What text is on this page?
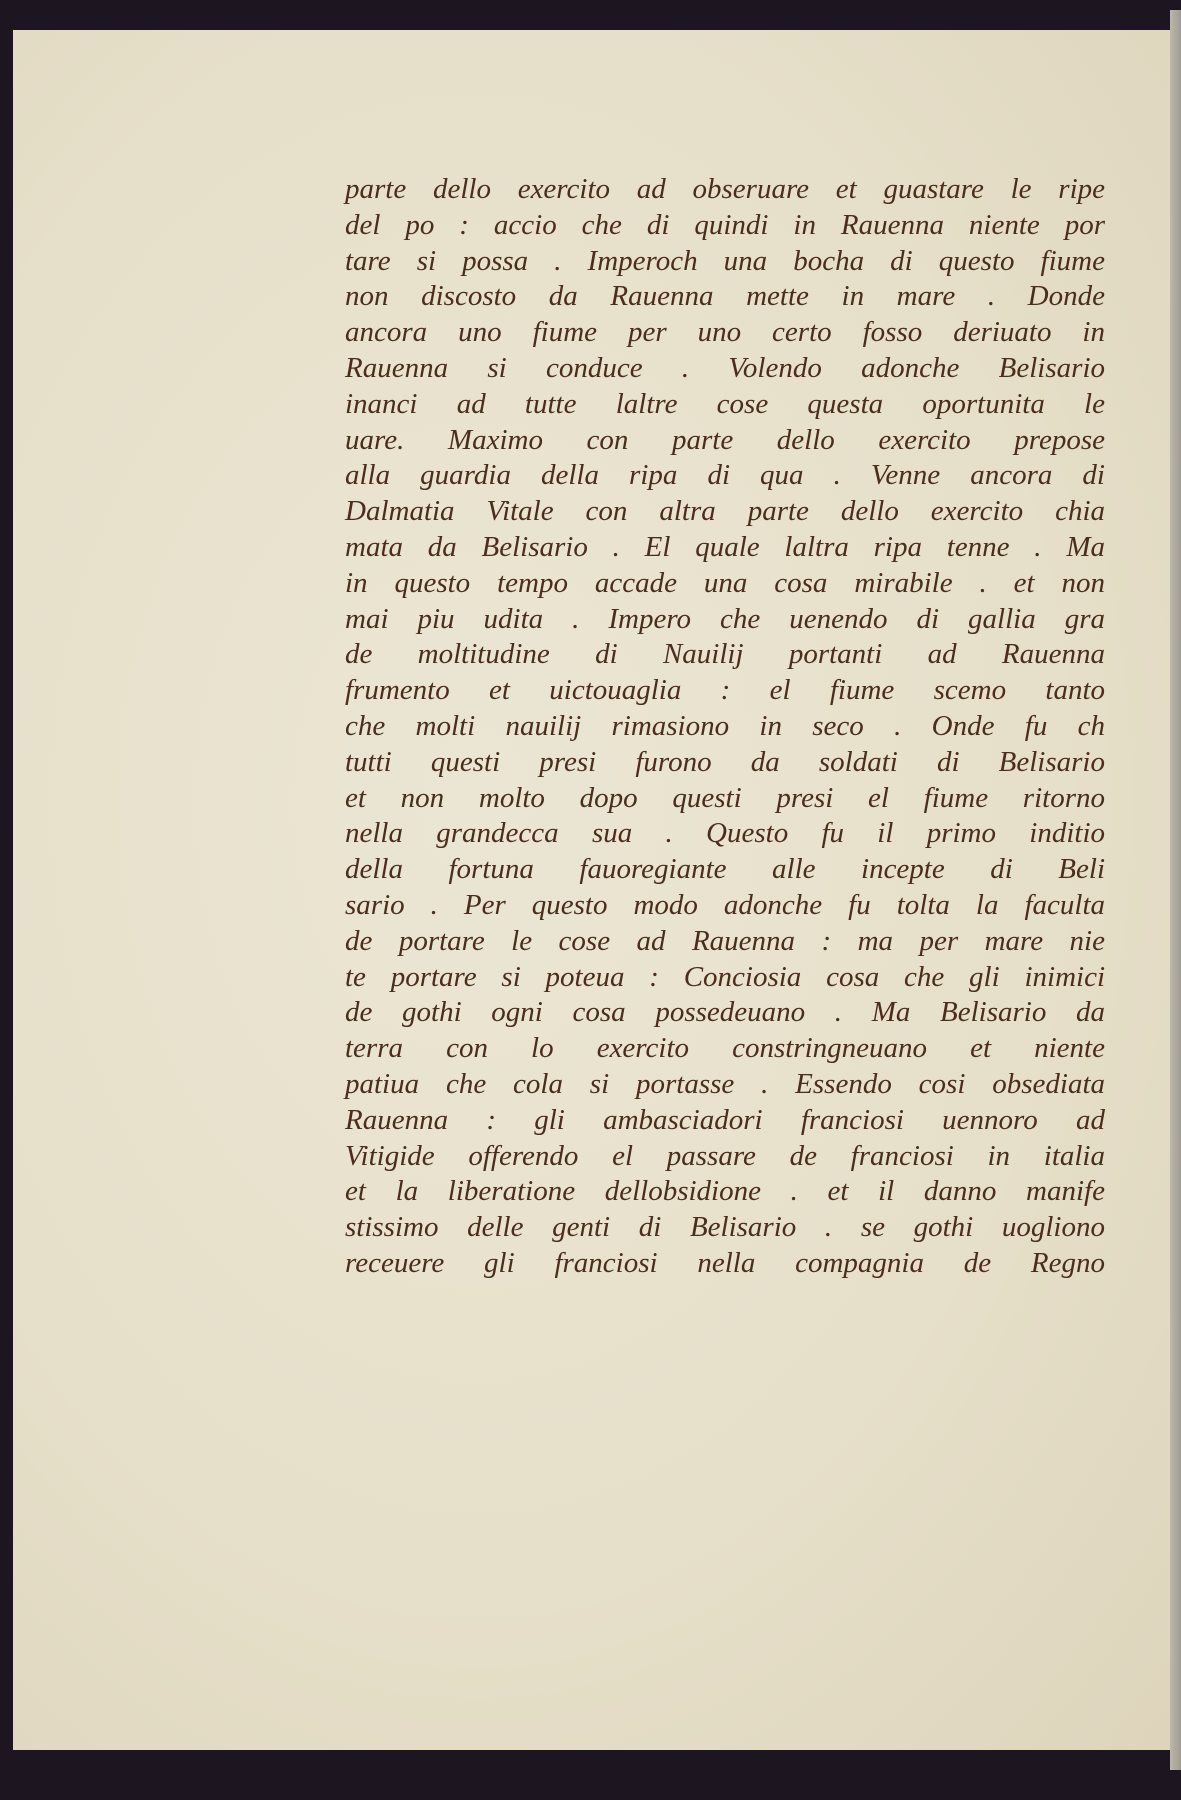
parte dello exercito ad obseruare et guastare le ripe
del po : accio che di quindi in Rauenna niente por
tare si possa . Imperoch una bocha di questo fiume
non discosto da Rauenna mette in mare . Donde
ancora uno fiume per uno certo fosso deriuato in
Rauenna si conduce . Volendo adonche Belisario
inanci ad tutte laltre cose questa oportunita le
uare. Maximo con parte dello exercito prepose
alla guardia della ripa di qua . Venne ancora di
Dalmatia Vitale con altra parte dello exercito chia
mata da Belisario . El quale laltra ripa tenne . Ma
in questo tempo accade una cosa mirabile . et non
mai piu udita . Impero che uenendo di gallia gra
de moltitudine di Nauilij portanti ad Rauenna
frumento et uictouaglia : el fiume scemo tanto
che molti nauilij rimasiono in seco . Onde fu ch
tutti questi presi furono da soldati di Belisario
et non molto dopo questi presi el fiume ritorno
nella grandecca sua . Questo fu il primo inditio
della fortuna fauoregiante alle incepte di Beli
sario . Per questo modo adonche fu tolta la faculta
de portare le cose ad Rauenna : ma per mare nie
te portare si poteua : Conciosia cosa che gli inimici
de gothi ogni cosa possedeuano . Ma Belisario da
terra con lo exercito constringneuano et niente
patiua che cola si portasse . Essendo cosi obsediata
Rauenna : gli ambasciadori franciosi uennoro ad
Vitigide offerendo el passare de franciosi in italia
et la liberatione dellobsidione . et il danno manife
stissimo delle genti di Belisario . se gothi uogliono
receuere gli franciosi nella compagnia de Regno
